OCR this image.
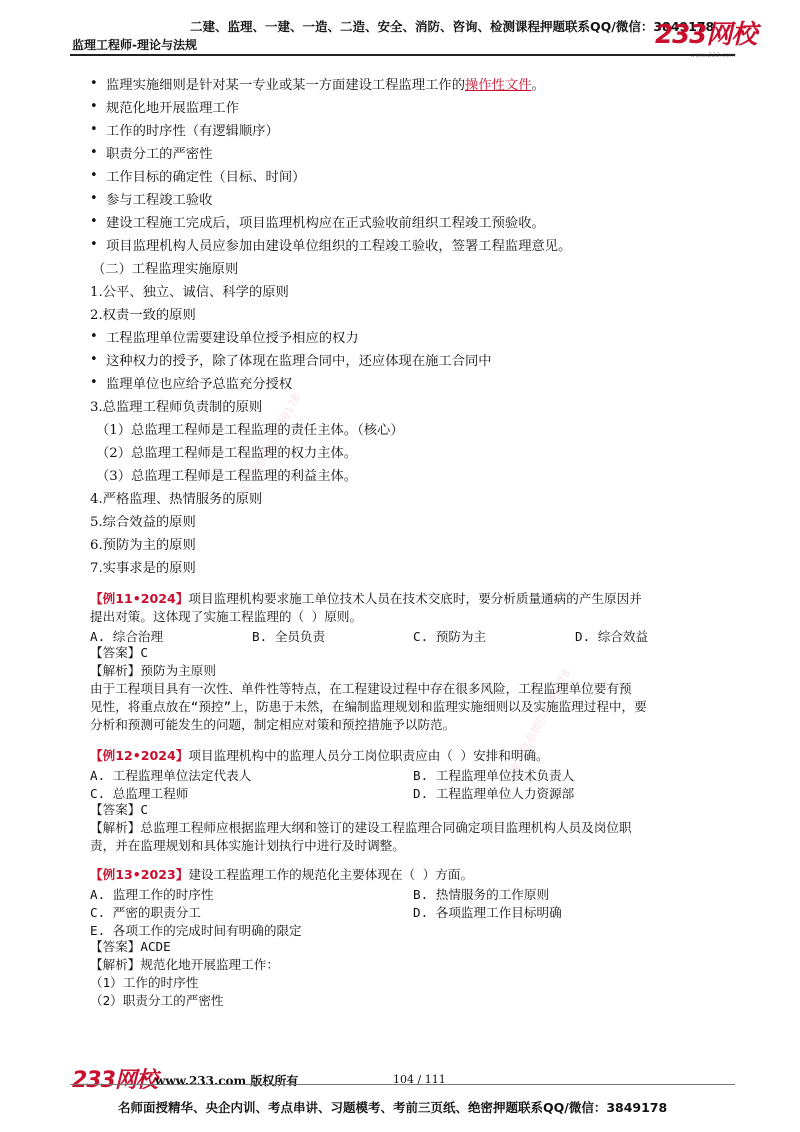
二建、监理、一建、一造、二造、安全、消防、咨询、检测课程押题联系QQ/微信：3849178
监理工程师-理论与法规	233网校
www.233.com
唯一联系微信3849178
唯一联系微信3849178
• 监理实施细则是针对某一专业或某一方面建设工程监理工作的操作性文件。
• 规范化地开展监理工作
• 工作的时序性（有逻辑顺序）
• 职责分工的严密性
• 工作目标的确定性（目标、时间）
• 参与工程竣工验收
• 建设工程施工完成后，项目监理机构应在正式验收前组织工程竣工预验收。
• 项目监理机构人员应参加由建设单位组织的工程竣工验收，签署工程监理意见。
（二）工程监理实施原则
1.公平、独立、诚信、科学的原则
2.权责一致的原则
• 工程监理单位需要建设单位授予相应的权力
• 这种权力的授予，除了体现在监理合同中，还应体现在施工合同中
• 监理单位也应给予总监充分授权
3.总监理工程师负责制的原则
（1）总监理工程师是工程监理的责任主体。（核心）
（2）总监理工程师是工程监理的权力主体。
（3）总监理工程师是工程监理的利益主体。
4.严格监理、热情服务的原则
5.综合效益的原则
6.预防为主的原则
7.实事求是的原则
【例11•2024】项目监理机构要求施工单位技术人员在技术交底时，要分析质量通病的产生原因并
提出对策。这体现了实施工程监理的（ ）原则。
A. 综合治理	B. 全员负责	C. 预防为主	D. 综合效益
【答案】C
【解析】预防为主原则
由于工程项目具有一次性、单件性等特点，在工程建设过程中存在很多风险，工程监理单位要有预
见性，将重点放在“预控”上，防患于未然，在编制监理规划和监理实施细则以及实施监理过程中，要
分析和预测可能发生的问题，制定相应对策和预控措施予以防范。
【例12•2024】项目监理机构中的监理人员分工岗位职责应由（ ）安排和明确。
A. 工程监理单位法定代表人	B. 工程监理单位技术负责人
C. 总监理工程师	D. 工程监理单位人力资源部
【答案】C
【解析】总监理工程师应根据监理大纲和签订的建设工程监理合同确定项目监理机构人员及岗位职
责，并在监理规划和具体实施计划执行中进行及时调整。
【例13•2023】建设工程监理工作的规范化主要体现在（ ）方面。
A. 监理工作的时序性	B. 热情服务的工作原则
C. 严密的职责分工	D. 各项监理工作目标明确
E. 各项工作的完成时间有明确的限定
【答案】ACDE
【解析】规范化地开展监理工作：
（1）工作的时序性
（2）职责分工的严密性
233网校
www.233.com 版权所有	104 / 111
名师面授精华、央企内训、考点串讲、习题模考、考前三页纸、绝密押题联系QQ/微信：3849178
